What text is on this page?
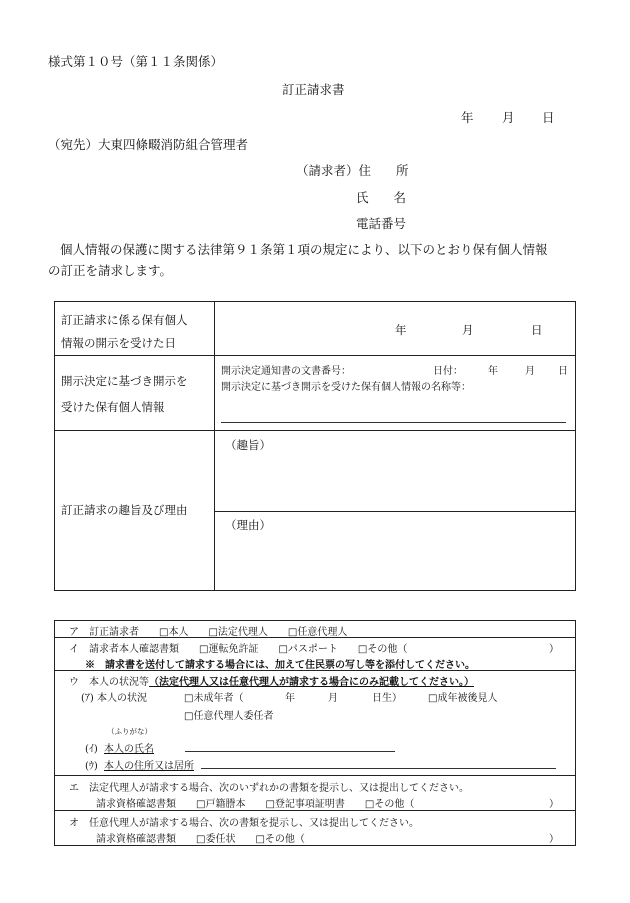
様式第１０号（第１１条関係）
訂正請求書
年 月 日
（宛先）大東四條畷消防組合管理者
（請求者）住　　所
氏　　名
電話番号
個人情報の保護に関する法律第９１条第１項の規定により、以下のとおり保有個人情報
の訂正を請求します。
訂正請求に係る保有個人
情報の開示を受けた日
年	月	日
開示決定に基づき開示を
受けた保有個人情報
開示決定通知書の文書番号：	日付：	年	月 日
開示決定に基づき開示を受けた保有個人情報の名称等：
訂正請求の趣旨及び理由
（趣旨）
（理由）
ア　訂正請求者　　□本人　　□法定代理人　　□任意代理人
イ　請求者本人確認書類　　□運転免許証　　□パスポート　　□その他（	）
※　請求書を送付して請求する場合には、加えて住民票の写し等を添付してください。
ウ　本人の状況等（法定代理人又は任意代理人が請求する場合にのみ記載してください。）
(ｱ) 本人の状況	□未成年者（	年	月	日生）	□成年被後見人
□任意代理人委任者
（ふりがな）
(ｲ) 本人の氏名
(ｳ) 本人の住所又は居所
エ　法定代理人が請求する場合、次のいずれかの書類を提示し、又は提出してください。
請求資格確認書類　　□戸籍謄本　　□登記事項証明書　　□その他（	）
オ　任意代理人が請求する場合、次の書類を提示し、又は提出してください。
請求資格確認書類　　□委任状　　□その他（	）
